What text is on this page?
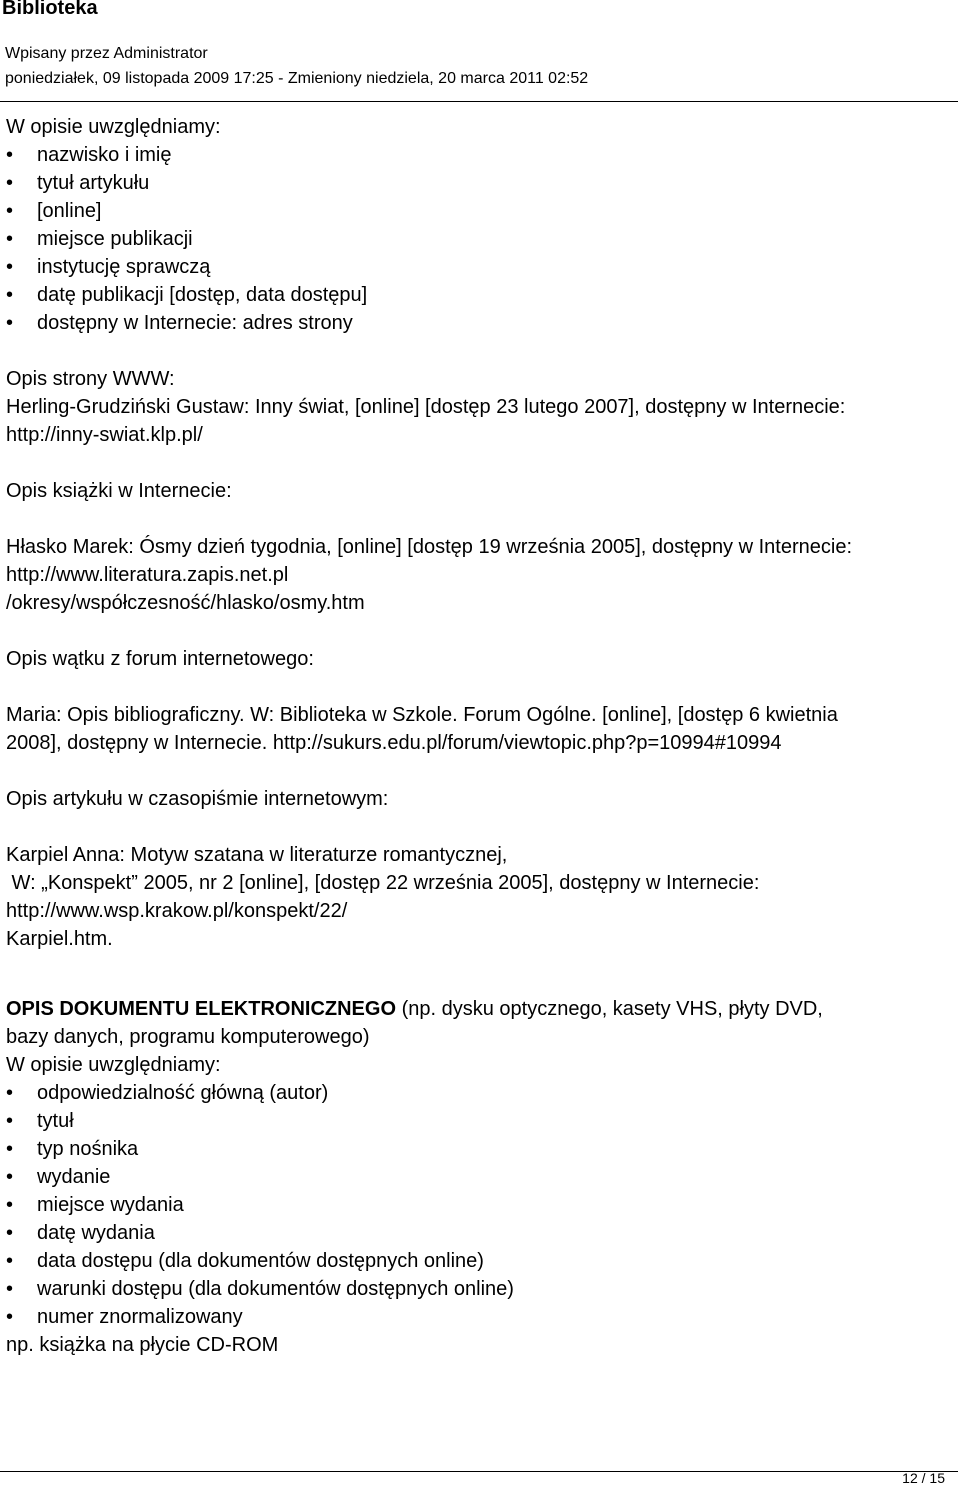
Biblioteka
Wpisany przez Administrator
poniedziałek, 09 listopada 2009 17:25 - Zmieniony niedziela, 20 marca 2011 02:52

W opisie uwzględniamy:

• nazwisko i imię
• tytuł artykułu
• [online]
• miejsce publikacji
• instytucję sprawczą
• datę publikacji [dostęp, data dostępu]
• dostępny w Internecie: adres strony

Opis strony WWW:

Herling-Grudziński Gustaw: Inny świat, [online] [dostęp 23 lutego 2007], dostępny w Internecie:

http://inny-swiat.klp.pl/

Opis książki w Internecie:

Hłasko Marek: Ósmy dzień tygodnia, [online] [dostęp 19 września 2005], dostępny w Internecie:

http://www.literatura.zapis.net.pl

/okresy/współczesność/hlasko/osmy.htm

Opis wątku z forum internetowego:

Maria: Opis bibliograficzny. W: Biblioteka w Szkole. Forum Ogólne. [online], [dostęp 6 kwietnia

2008], dostępny w Internecie. http://sukurs.edu.pl/forum/viewtopic.php?p=10994#10994

Opis artykułu w czasopiśmie internetowym:

Karpiel Anna: Motyw szatana w literaturze romantycznej,

W: „Konspekt” 2005, nr 2 [online], [dostęp 22 września 2005], dostępny w Internecie:

http://www.wsp.krakow.pl/konspekt/22/

Karpiel.htm.

OPIS DOKUMENTU ELEKTRONICZNEGO (np. dysku optycznego, kasety VHS, płyty DVD,

bazy danych, programu komputerowego)

W opisie uwzględniamy:

• odpowiedzialność główną (autor)
• tytuł
• typ nośnika
• wydanie
• miejsce wydania
• datę wydania
• data dostępu (dla dokumentów dostępnych online)
• warunki dostępu (dla dokumentów dostępnych online)
• numer znormalizowany

np. książka na płycie CD-ROM

12 / 15
